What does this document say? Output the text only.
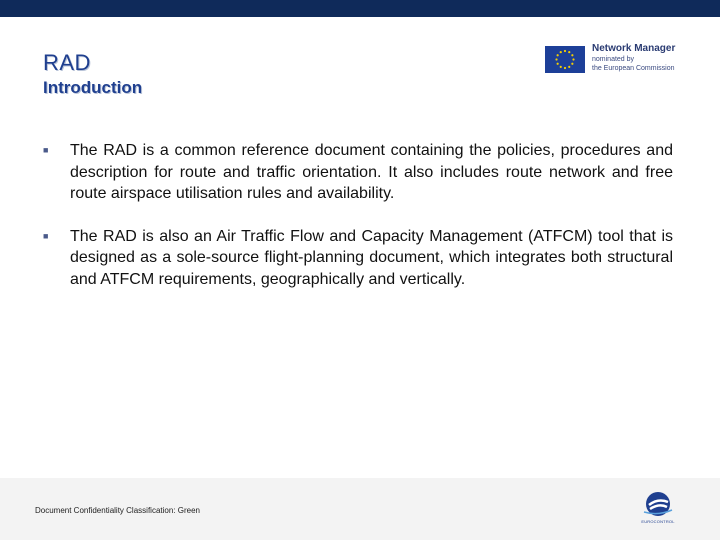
RAD
Introduction
Network Manager
nominated by
the European Commission
■ The RAD is a common reference document containing the policies, procedures and description for route and traffic orientation. It also includes route network and free route airspace utilisation rules and availability.
■ The RAD is also an Air Traffic Flow and Capacity Management (ATFCM) tool that is designed as a sole-source flight-planning document, which integrates both structural and ATFCM requirements, geographically and vertically.
Document Confidentiality Classification: Green
EUROCONTROL
